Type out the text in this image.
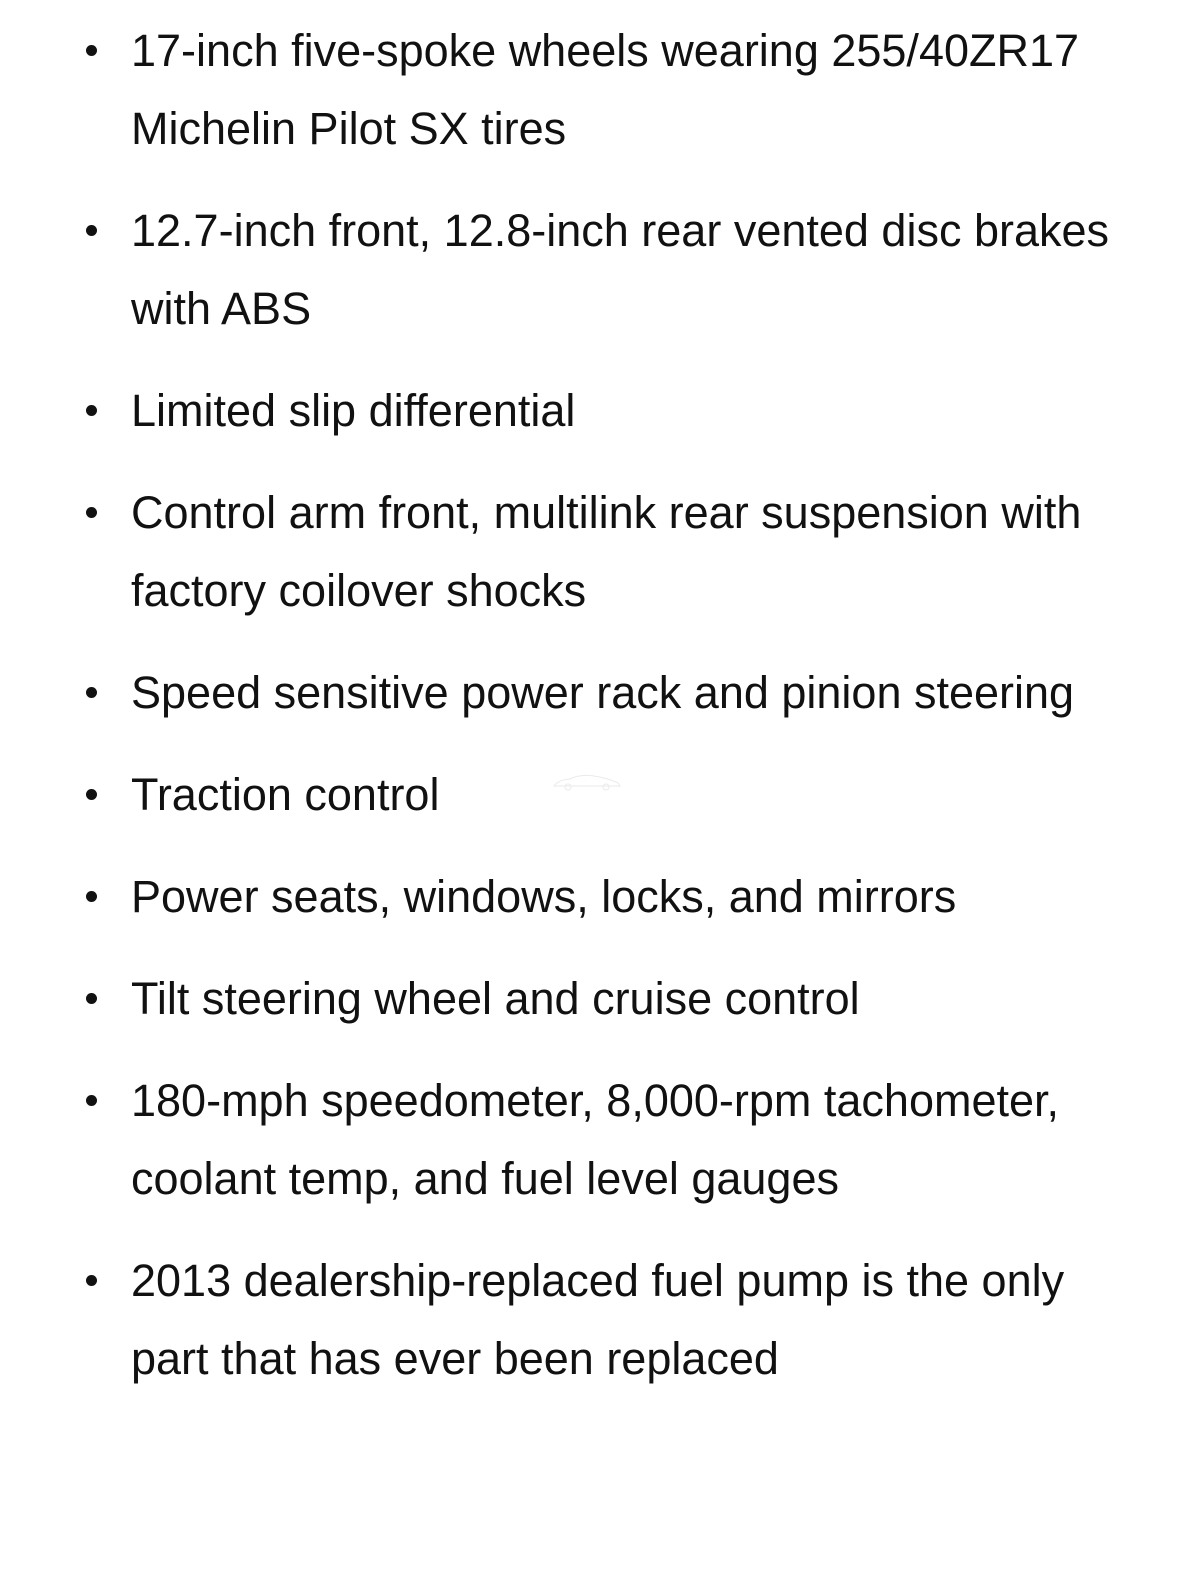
17-inch five-spoke wheels wearing 255/40ZR17 Michelin Pilot SX tires
12.7-inch front, 12.8-inch rear vented disc brakes with ABS
Limited slip differential
Control arm front, multilink rear suspension with factory coilover shocks
Speed sensitive power rack and pinion steering
Traction control
Power seats, windows, locks, and mirrors
Tilt steering wheel and cruise control
180-mph speedometer, 8,000-rpm tachometer, coolant temp, and fuel level gauges
2013 dealership-replaced fuel pump is the only part that has ever been replaced
